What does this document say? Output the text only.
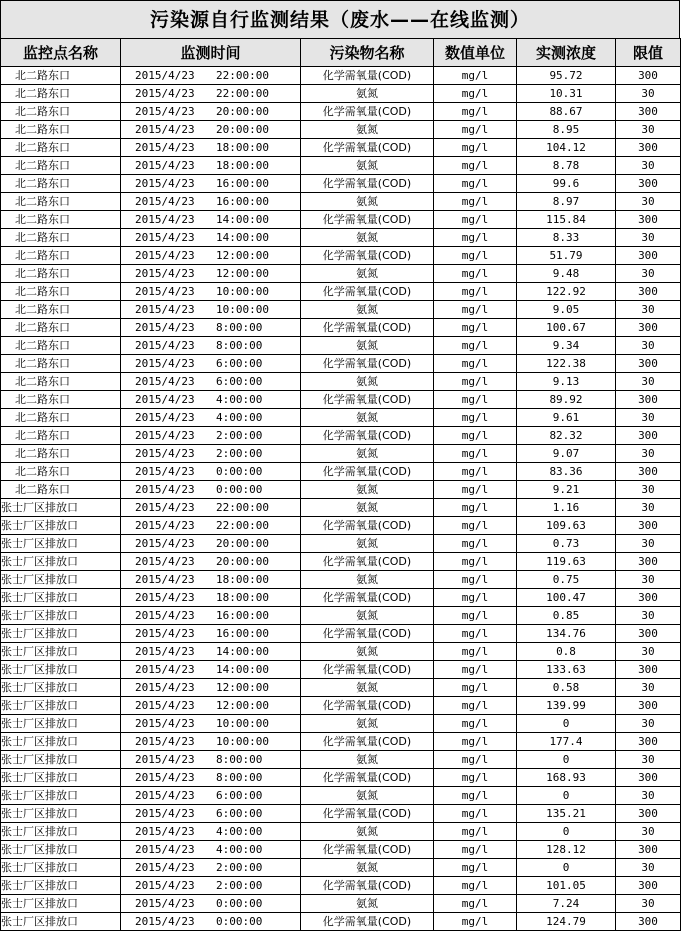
污染源自行监测结果（废水——在线监测）
监控点名称	监测时间	污染物名称	数值单位	实测浓度	限值
北二路东口	2015/4/23 22:00:00	化学需氧量(COD)	mg/l	95.72	300
北二路东口	2015/4/23 22:00:00	氨氮	mg/l	10.31	30
北二路东口	2015/4/23 20:00:00	化学需氧量(COD)	mg/l	88.67	300
北二路东口	2015/4/23 20:00:00	氨氮	mg/l	8.95	30
北二路东口	2015/4/23 18:00:00	化学需氧量(COD)	mg/l	104.12	300
北二路东口	2015/4/23 18:00:00	氨氮	mg/l	8.78	30
北二路东口	2015/4/23 16:00:00	化学需氧量(COD)	mg/l	99.6	300
北二路东口	2015/4/23 16:00:00	氨氮	mg/l	8.97	30
北二路东口	2015/4/23 14:00:00	化学需氧量(COD)	mg/l	115.84	300
北二路东口	2015/4/23 14:00:00	氨氮	mg/l	8.33	30
北二路东口	2015/4/23 12:00:00	化学需氧量(COD)	mg/l	51.79	300
北二路东口	2015/4/23 12:00:00	氨氮	mg/l	9.48	30
北二路东口	2015/4/23 10:00:00	化学需氧量(COD)	mg/l	122.92	300
北二路东口	2015/4/23 10:00:00	氨氮	mg/l	9.05	30
北二路东口	2015/4/23 8:00:00	化学需氧量(COD)	mg/l	100.67	300
北二路东口	2015/4/23 8:00:00	氨氮	mg/l	9.34	30
北二路东口	2015/4/23 6:00:00	化学需氧量(COD)	mg/l	122.38	300
北二路东口	2015/4/23 6:00:00	氨氮	mg/l	9.13	30
北二路东口	2015/4/23 4:00:00	化学需氧量(COD)	mg/l	89.92	300
北二路东口	2015/4/23 4:00:00	氨氮	mg/l	9.61	30
北二路东口	2015/4/23 2:00:00	化学需氧量(COD)	mg/l	82.32	300
北二路东口	2015/4/23 2:00:00	氨氮	mg/l	9.07	30
北二路东口	2015/4/23 0:00:00	化学需氧量(COD)	mg/l	83.36	300
北二路东口	2015/4/23 0:00:00	氨氮	mg/l	9.21	30
张士厂区排放口	2015/4/23 22:00:00	氨氮	mg/l	1.16	30
张士厂区排放口	2015/4/23 22:00:00	化学需氧量(COD)	mg/l	109.63	300
张士厂区排放口	2015/4/23 20:00:00	氨氮	mg/l	0.73	30
张士厂区排放口	2015/4/23 20:00:00	化学需氧量(COD)	mg/l	119.63	300
张士厂区排放口	2015/4/23 18:00:00	氨氮	mg/l	0.75	30
张士厂区排放口	2015/4/23 18:00:00	化学需氧量(COD)	mg/l	100.47	300
张士厂区排放口	2015/4/23 16:00:00	氨氮	mg/l	0.85	30
张士厂区排放口	2015/4/23 16:00:00	化学需氧量(COD)	mg/l	134.76	300
张士厂区排放口	2015/4/23 14:00:00	氨氮	mg/l	0.8	30
张士厂区排放口	2015/4/23 14:00:00	化学需氧量(COD)	mg/l	133.63	300
张士厂区排放口	2015/4/23 12:00:00	氨氮	mg/l	0.58	30
张士厂区排放口	2015/4/23 12:00:00	化学需氧量(COD)	mg/l	139.99	300
张士厂区排放口	2015/4/23 10:00:00	氨氮	mg/l	0	30
张士厂区排放口	2015/4/23 10:00:00	化学需氧量(COD)	mg/l	177.4	300
张士厂区排放口	2015/4/23 8:00:00	氨氮	mg/l	0	30
张士厂区排放口	2015/4/23 8:00:00	化学需氧量(COD)	mg/l	168.93	300
张士厂区排放口	2015/4/23 6:00:00	氨氮	mg/l	0	30
张士厂区排放口	2015/4/23 6:00:00	化学需氧量(COD)	mg/l	135.21	300
张士厂区排放口	2015/4/23 4:00:00	氨氮	mg/l	0	30
张士厂区排放口	2015/4/23 4:00:00	化学需氧量(COD)	mg/l	128.12	300
张士厂区排放口	2015/4/23 2:00:00	氨氮	mg/l	0	30
张士厂区排放口	2015/4/23 2:00:00	化学需氧量(COD)	mg/l	101.05	300
张士厂区排放口	2015/4/23 0:00:00	氨氮	mg/l	7.24	30
张士厂区排放口	2015/4/23 0:00:00	化学需氧量(COD)	mg/l	124.79	300
